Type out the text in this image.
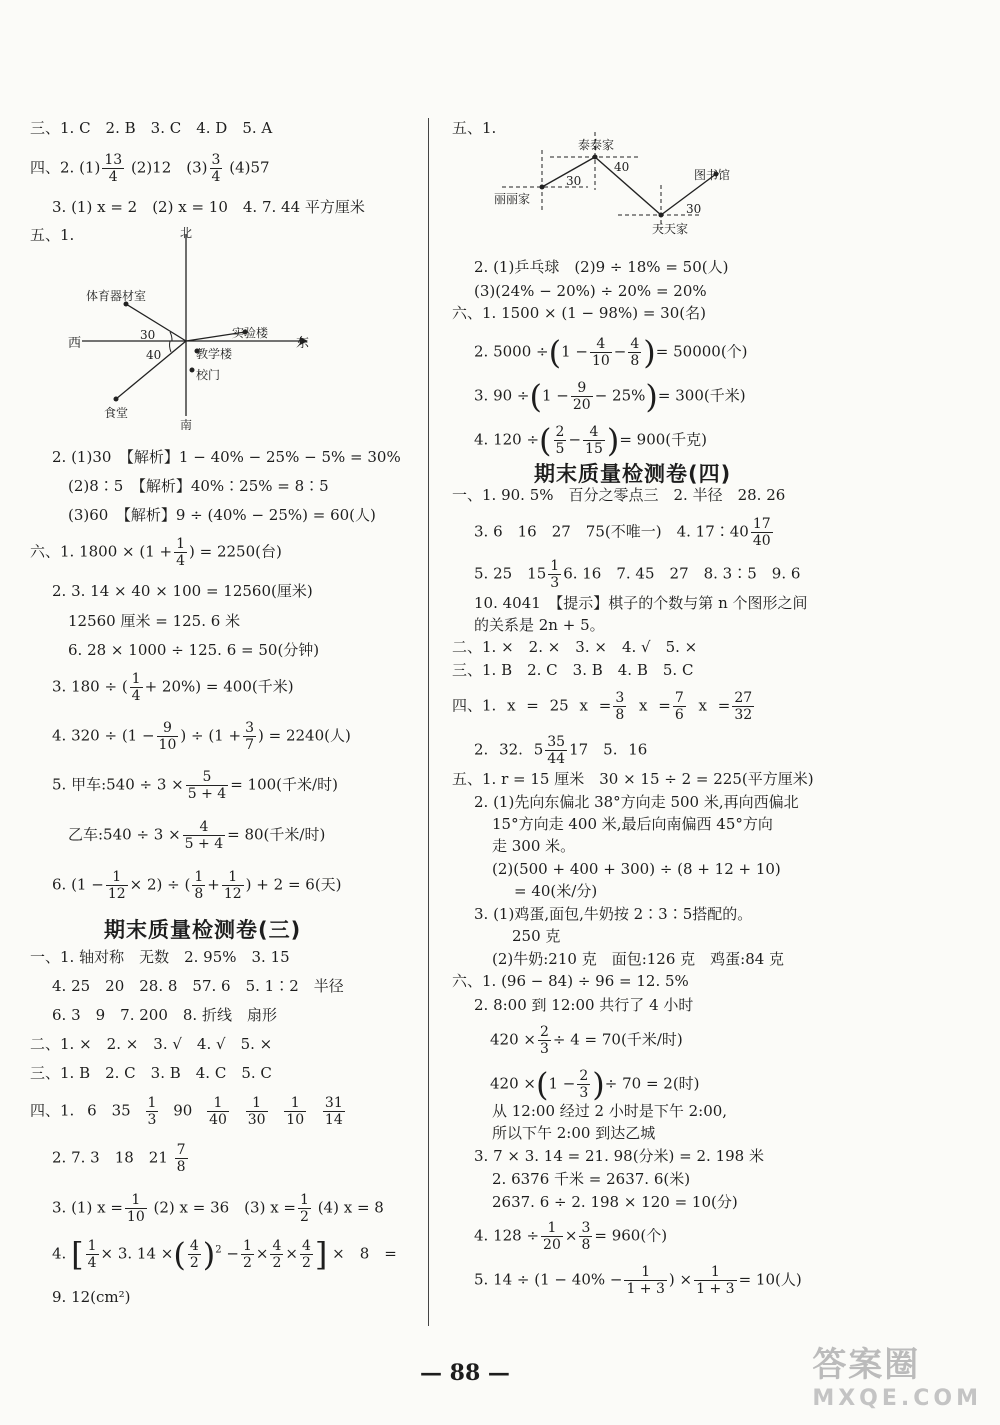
三、1. C　2. B　3. C　4. D　5. A
四、2. $(1) \frac{13}{4} (2)12$　$(3) \frac{3}{4} (4)57$
3. (1) x = 2　(2) x = 10　4. 7. 44 平方厘米
五、1.	北
南
东
西
体育器材室
实验楼
教学楼
校门
食堂
30
40
2. (1)30　【解析】1 − 40% − 25% − 5% = 30%
(2)8∶5　【解析】40%∶25% = 8∶5
(3)60　【解析】9 ÷ (40% − 25%) = 60(人)
六、1. $1800 \times (1 + \frac{1}{4}$ ) = 2250(台)
2. 3. 14 × 40 × 100 = 12560(厘米)
12560 厘米 = 125. 6 米
6. 28 × 1000 ÷ 125. 6 = 50(分钟)
3. 180 ÷ ( $\frac{1}{4} + 20\%) = 400$(千米)
4. $320 \div (1 - \frac{9}{10}$ ) ÷ ($1 + \frac{3}{7}$ ) = 2240(人)
5. 甲车:540 ÷ $3 \times \frac{5}{5 + 4} = 100$(千米/时)
乙车:540 ÷ $3 \times \frac{4}{5 + 4} = 80$(千米/时)
6. $(1 - \frac{1}{12} \times 2)$ ÷ ( $\frac{1}{8} + \frac{1}{12}$ ) + 2 = 6(天)
期末质量检测卷(三)
一、1. 轴对称　无数　2. 95%　3. 15
4. 25　20　28. 8　57. 6　5. 1∶2　半径
6. 3　9　7. 200　8. 折线　扇形
二、1. ×　2. ×　3. √　4. √　5. ×
三、1. B　2. C　3. B　4. C　5. C
四、1. 6　$35 \frac{1}{3} 90 \frac{1}{40}$
$\frac{1}{30}$
$\frac{1}{10}$
$\frac{31}{14}$
2. 7. 3　18　$21 \frac{7}{8}$
3. (1) $x = \frac{1}{10} (2) x = 36$　(3) $x = \frac{1}{2} (4) x = 8$
4. [ $\frac{1}{4} \times 3$. 14 ×( $\frac{4}{2} )^2 - \frac{1}{2} \times \frac{4}{2} \times \frac{4}{2}$ ] ×　8　=
9. 12(cm²)
五、1.
泰泰家
丽丽家
天天家
图书馆
30
40
30
2. (1)乒乓球　(2)9 ÷ 18% = 50(人)
(3)(24% − 20%) ÷ 20% = 20%
六、1. 1500 × (1 − 98%) = 30(名)
2. $5000 \div(1 - \frac{4}{10} - \frac{4}{8}$ )= 50000(个)
3. $90 \div(1 - \frac{9}{20} - 25\%)= 300$(千米)
4. 120 ÷( $\frac{2}{5} - \frac{4}{15}$ )= 900(千克)
期末质量检测卷(四)
一、1. 90. 5%　百分之零点三　2. 半径　28. 26
3. 6　16　27　75(不唯一)　4. 17∶40 $\frac{17}{40}$
5. 25　$15 \frac{1}{3} 6$. 16　7. 45　27　8. 3∶5　9. 6
10. 4041　【提示】棋子的个数与第 n 个图形之间
的关系是 2n + 5。
二、1. ×　2. ×　3. ×　4. √　5. ×
三、1. B　2. C　3. B　4. B　5. C
四、1. x = 25 $x = \frac{3}{8}$ $x = \frac{7}{6}$ $x = \frac{27}{32}$
2. 32. $5 \frac{35}{44} 17$　5. 16
五、1. r = 15 厘米　30 × 15 ÷ 2 = 225(平方厘米)
2. (1)先向东偏北 38°方向走 500 米,再向西偏北
15°方向走 400 米,最后向南偏西 45°方向
走 300 米。
(2)(500 + 400 + 300) ÷ (8 + 12 + 10)
= 40(米/分)
3. (1)鸡蛋,面包,牛奶按 2∶3∶5搭配的。
250 克
(2)牛奶:210 克　面包:126 克　鸡蛋:84 克
六、1. (96 − 84) ÷ 96 = 12. 5%
2. 8:00 到 12:00 共行了 4 小时
$420 \times \frac{2}{3} \div 4 = 70$(千米/时)
$420 \times(1 - \frac{2}{3}$ )÷ 70 = 2(时)
从 12:00 经过 2 小时是下午 2:00,
所以下午 2:00 到达乙城
3. 7 × 3. 14 = 21. 98(分米) = 2. 198 米
2. 6376 千米 = 2637. 6(米)
2637. 6 ÷ 2. 198 × 120 = 10(分)
4. $128 \div \frac{1}{20} \times \frac{3}{8} = 960$(个)
5. $14 \div (1 - 40\% - \frac{1}{1 + 3}$ ) × $\frac{1}{1 + 3} = 10$(人)
— 88 —	答案圈
MXQE.COM
